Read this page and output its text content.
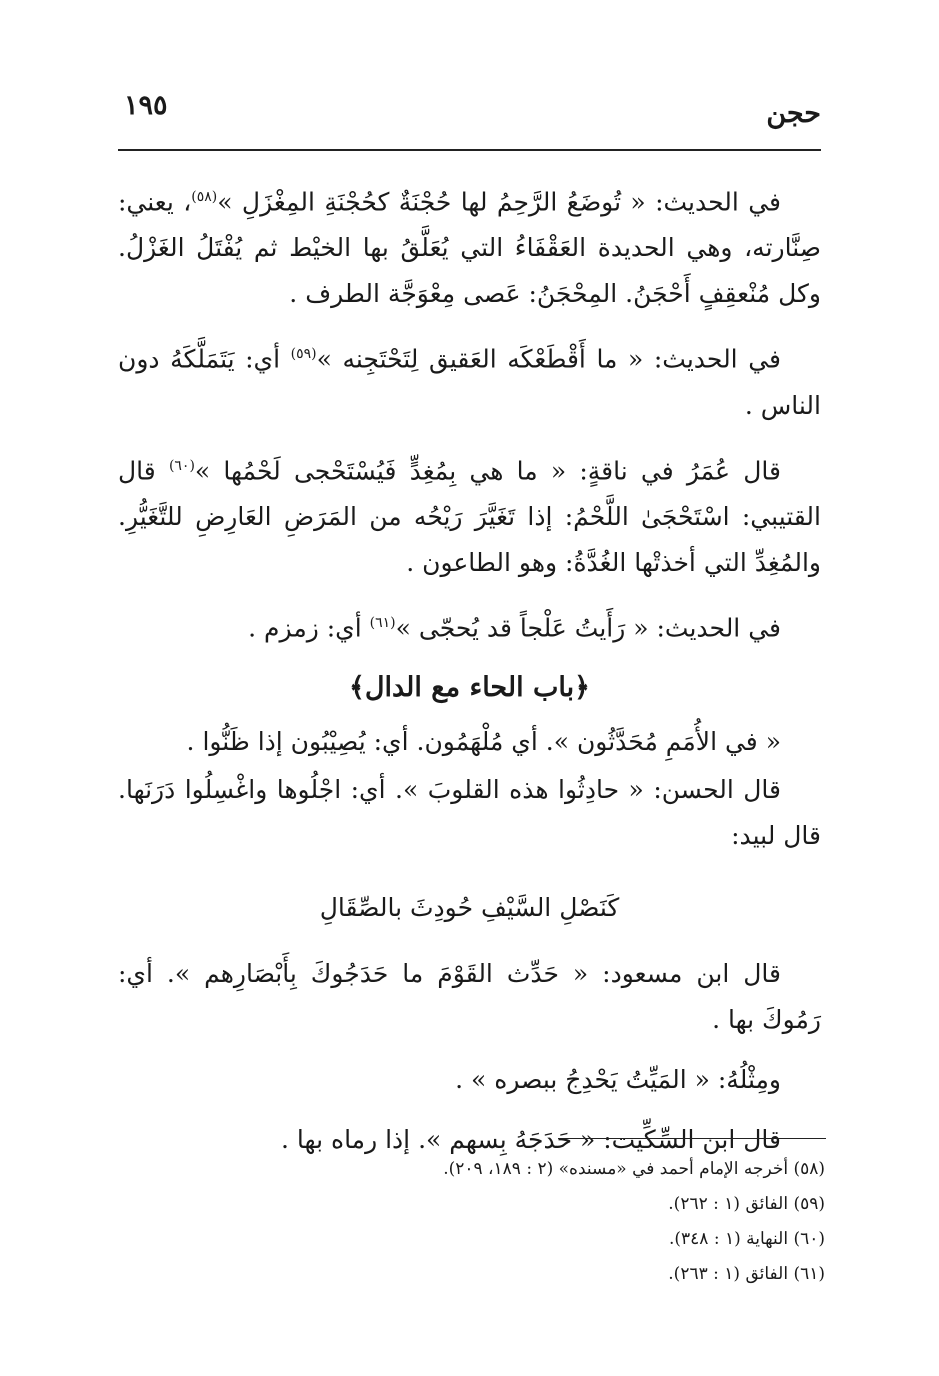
حجن
١٩٥

في الحديث: « تُوضَعُ الرَّحِمُ لها حُجْنَةٌ كحُجْنَةِ المِغْزَلِ »$^{(٥٨)}$، يعني: صِنَّارته، وهي الحديدة العَقْفَاءُ التي يُعَلَّقُ بها الخيْط ثم يُفْتَلُ الغَزْلُ. وكل مُنْعقِفٍ أَحْجَنُ. المِحْجَنُ: عَصى مِعْوَجَّة الطرف .

في الحديث: « ما أَقْطَعْكَه العَقيق لِتَحْتَجِنه »$^{(٥٩)}$ أي: يَتَمَلَّكَهُ دون الناس .

قال عُمَرُ في ناقةٍ: « ما هي بِمُغِدٍّ فَيُسْتَحْجى لَحْمُها »$^{(٦٠)}$ قال القتيبي: اسْتَحْجَىٰ اللَّحْمُ: إذا تَغَيَّرَ رَيْحُه من المَرَضِ العَارِضِ للتَّغَيُّرِ. والمُغِدِّ التي أخذتْها الغُدَّةُ: وهو الطاعون .

في الحديث: « رَأَيتُ عَلْجاً قد يُحجّى »$^{(٦١)}$ أي: زمزم .

﴿باب الحاء مع الدال﴾

« في الأُمَمِ مُحَدَّثُون ». أي مُلْهَمُون. أي: يُصِيْبُون إذا ظَنُّوا .

قال الحسن: « حادِثُوا هذه القلوبَ ». أي: اجْلُوها واغْسِلُوا دَرَنَها. قال لبيد:

كَنَصْلِ السَّيْفِ حُودِثَ بالصِّقَالِ

قال ابن مسعود: « حَدِّث القَوْمَ ما حَدَجُوكَ بِأَبْصَارِهم ». أي: رَمُوكَ بها .

ومِثْلُهُ: « المَيِّتُ يَحْدِجُ ببصره » .

قال ابن السِّكِّيت: « حَدَجَهُ بِسهم ». إذا رماه بها .

(٥٨) أخرجه الإمام أحمد في «مسنده» (٢ : ١٨٩، ٢٠٩).
(٥٩) الفائق (١ : ٢٦٢).
(٦٠) النهاية (١ : ٣٤٨).
(٦١) الفائق (١ : ٢٦٣).
